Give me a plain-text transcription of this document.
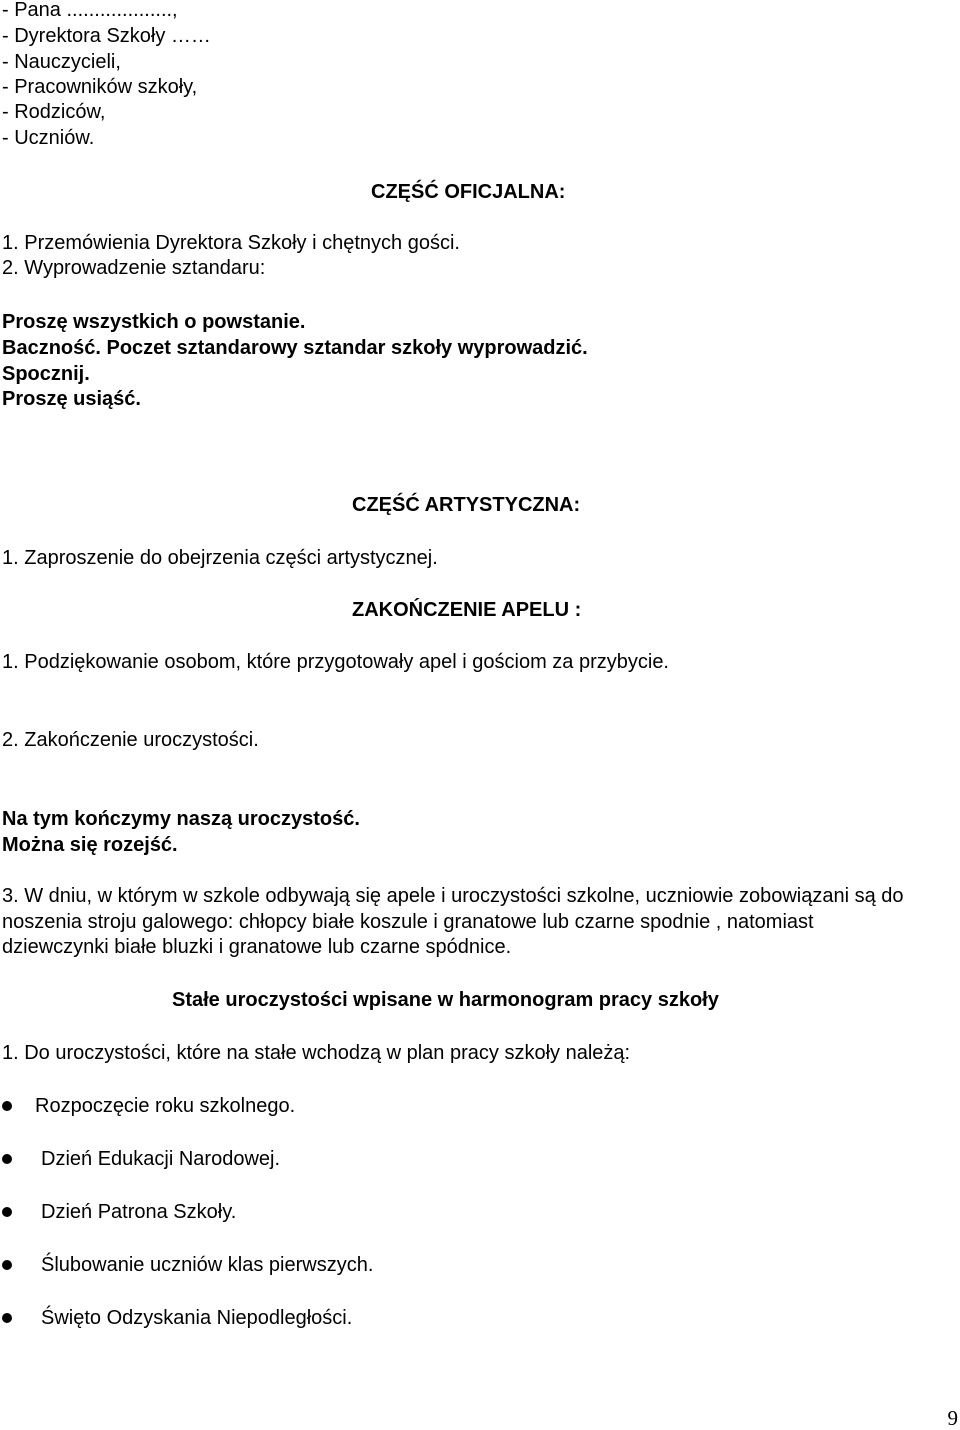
- Pana ...................,
- Dyrektora Szkoły ……
- Nauczycieli,
- Pracowników szkoły,
- Rodziców,
- Uczniów.
CZĘŚĆ OFICJALNA:
1. Przemówienia Dyrektora Szkoły i chętnych gości.
2. Wyprowadzenie sztandaru:
Proszę wszystkich o powstanie.
Baczność. Poczet sztandarowy sztandar szkoły wyprowadzić.
Spocznij.
Proszę usiąść.
CZĘŚĆ ARTYSTYCZNA:
1. Zaproszenie do obejrzenia części artystycznej.
ZAKOŃCZENIE APELU :
1. Podziękowanie osobom, które przygotowały apel i gościom za przybycie.
2. Zakończenie uroczystości.
Na tym kończymy naszą uroczystość.
Można się rozejść.
3. W dniu, w którym w szkole odbywają się apele i uroczystości szkolne, uczniowie zobowiązani są do noszenia stroju galowego: chłopcy białe koszule i granatowe lub czarne spodnie , natomiast dziewczynki białe bluzki i granatowe lub czarne spódnice.
Stałe uroczystości wpisane w harmonogram pracy szkoły
1. Do uroczystości, które na stałe wchodzą w plan pracy szkoły należą:
Rozpoczęcie roku szkolnego.
Dzień Edukacji Narodowej.
Dzień Patrona Szkoły.
Ślubowanie uczniów klas pierwszych.
Święto Odzyskania Niepodległości.
9
